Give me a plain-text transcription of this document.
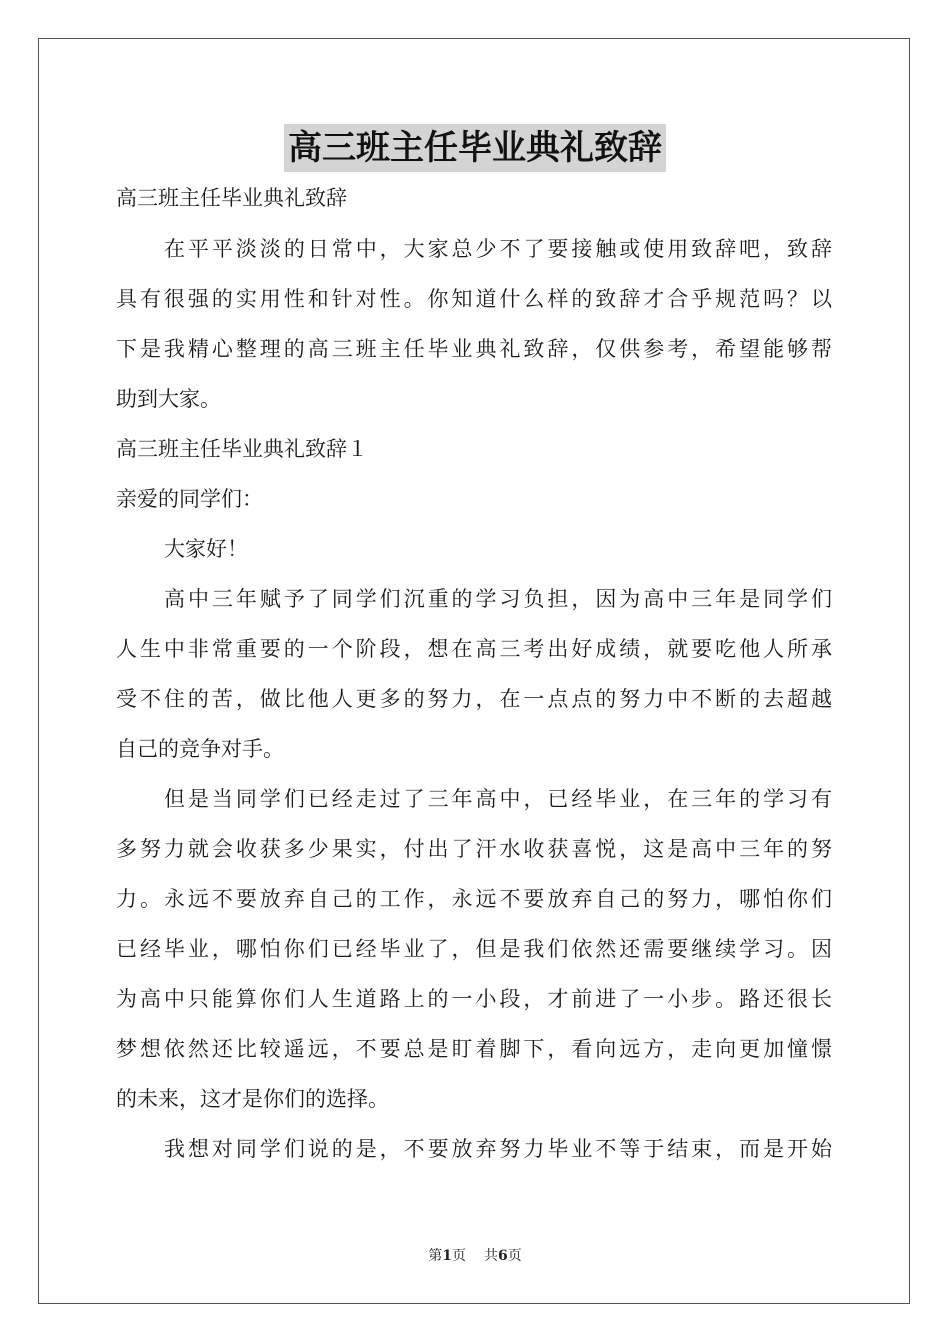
高三班主任毕业典礼致辞
高三班主任毕业典礼致辞
在平平淡淡的日常中，大家总少不了要接触或使用致辞吧，致辞
具有很强的实用性和针对性。你知道什么样的致辞才合乎规范吗？以
下是我精心整理的高三班主任毕业典礼致辞，仅供参考，希望能够帮
助到大家。
高三班主任毕业典礼致辞１
亲爱的同学们：
大家好！
高中三年赋予了同学们沉重的学习负担，因为高中三年是同学们
人生中非常重要的一个阶段，想在高三考出好成绩，就要吃他人所承
受不住的苦，做比他人更多的努力，在一点点的努力中不断的去超越
自己的竞争对手。
但是当同学们已经走过了三年高中，已经毕业，在三年的学习有
多努力就会收获多少果实，付出了汗水收获喜悦，这是高中三年的努
力。永远不要放弃自己的工作，永远不要放弃自己的努力，哪怕你们
已经毕业，哪怕你们已经毕业了，但是我们依然还需要继续学习。因
为高中只能算你们人生道路上的一小段，才前进了一小步。路还很长
梦想依然还比较遥远，不要总是盯着脚下，看向远方，走向更加憧憬
的未来，这才是你们的选择。
我想对同学们说的是，不要放弃努力毕业不等于结束，而是开始
第1页 共6页
